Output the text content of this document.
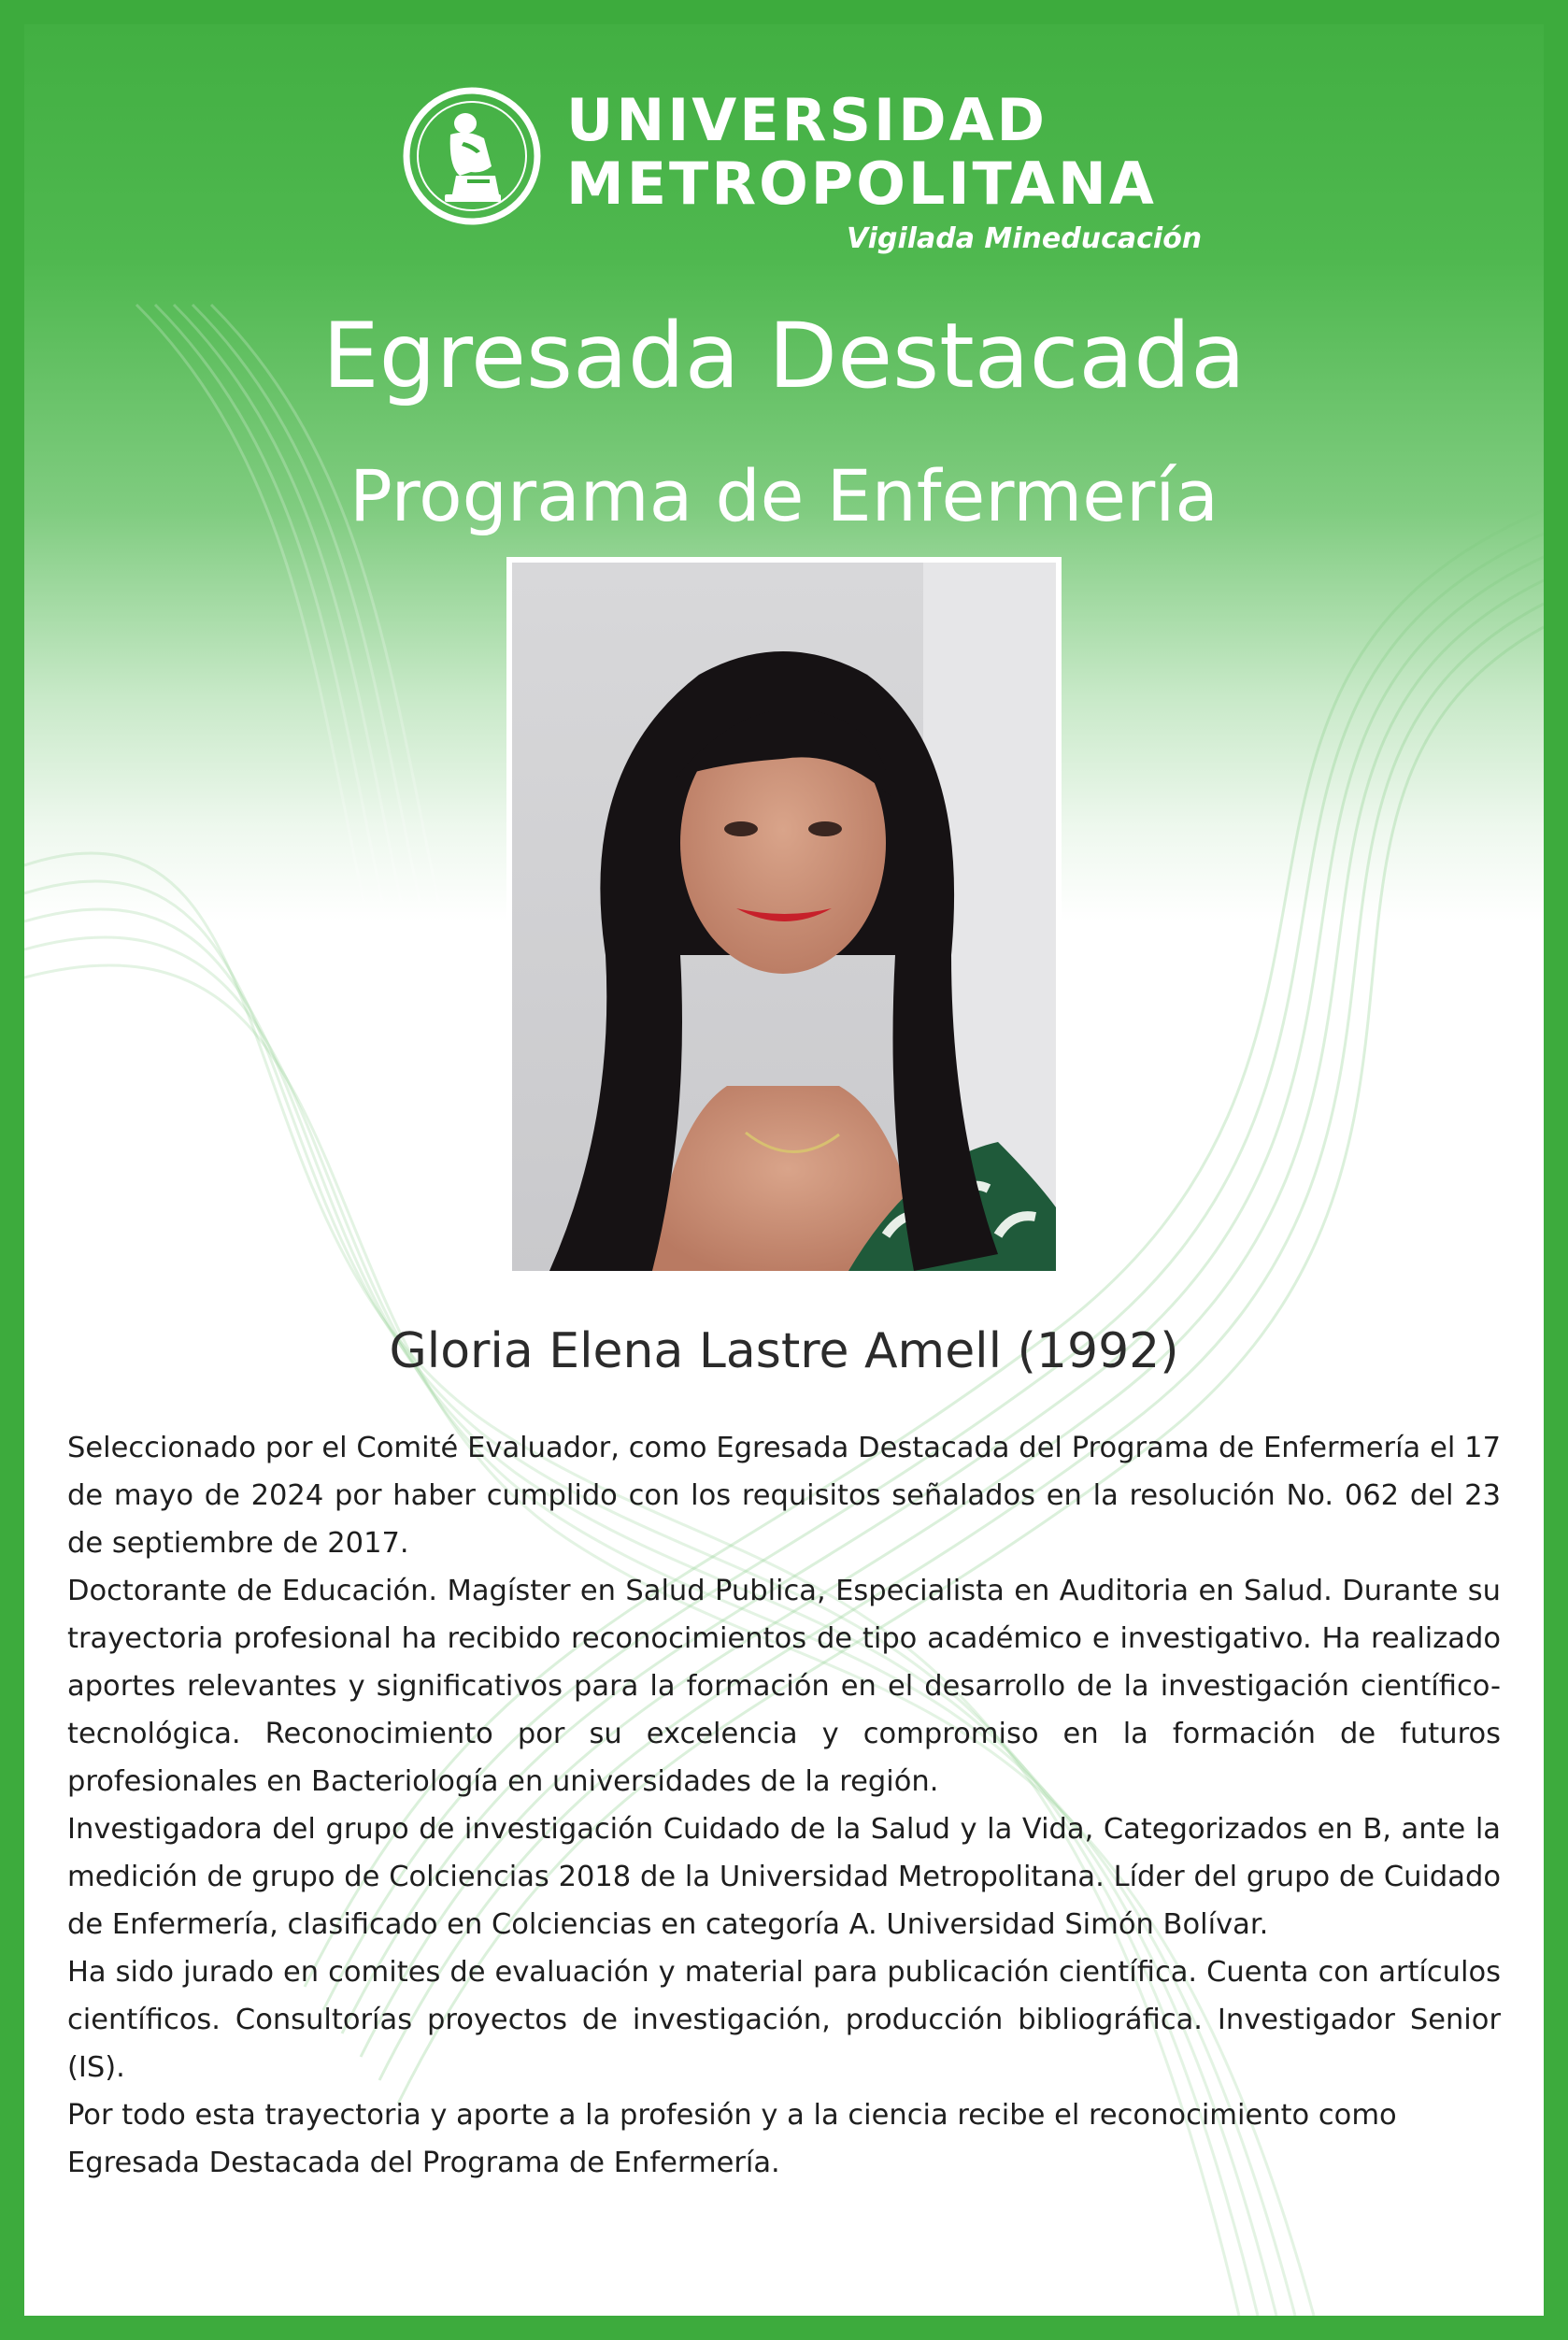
UNIVERSIDAD
METROPOLITANA
Vigilada Mineducación
Egresada Destacada
Programa de Enfermería
Gloria Elena Lastre Amell (1992)

Seleccionado por el Comité Evaluador, como Egresada Destacada del Programa de Enfermería el 17 de mayo de 2024 por haber cumplido con los requisitos señalados en la resolución No. 062 del 23 de septiembre de 2017.

Doctorante de Educación. Magíster en Salud Publica, Especialista en Auditoria en Salud. Durante su trayectoria profesional ha recibido reconocimientos de tipo académico e investigativo. Ha realizado aportes relevantes y significativos para la formación en el desarrollo de la investigación científico-tecnológica. Reconocimiento por su excelencia y compromiso en la formación de futuros profesionales en Bacteriología en universidades de la región.

Investigadora del grupo de investigación Cuidado de la Salud y la Vida, Categorizados en B, ante la medición de grupo de Colciencias 2018 de la Universidad Metropolitana. Líder del grupo de Cuidado de Enfermería, clasificado en Colciencias en categoría A. Universidad Simón Bolívar.

Ha sido jurado en comites de evaluación y material para publicación científica. Cuenta con artículos científicos. Consultorías proyectos de investigación, producción bibliográfica. Investigador Senior (IS).

Por todo esta trayectoria y aporte a la profesión y a la ciencia recibe el reconocimiento como Egresada Destacada del Programa de Enfermería.
